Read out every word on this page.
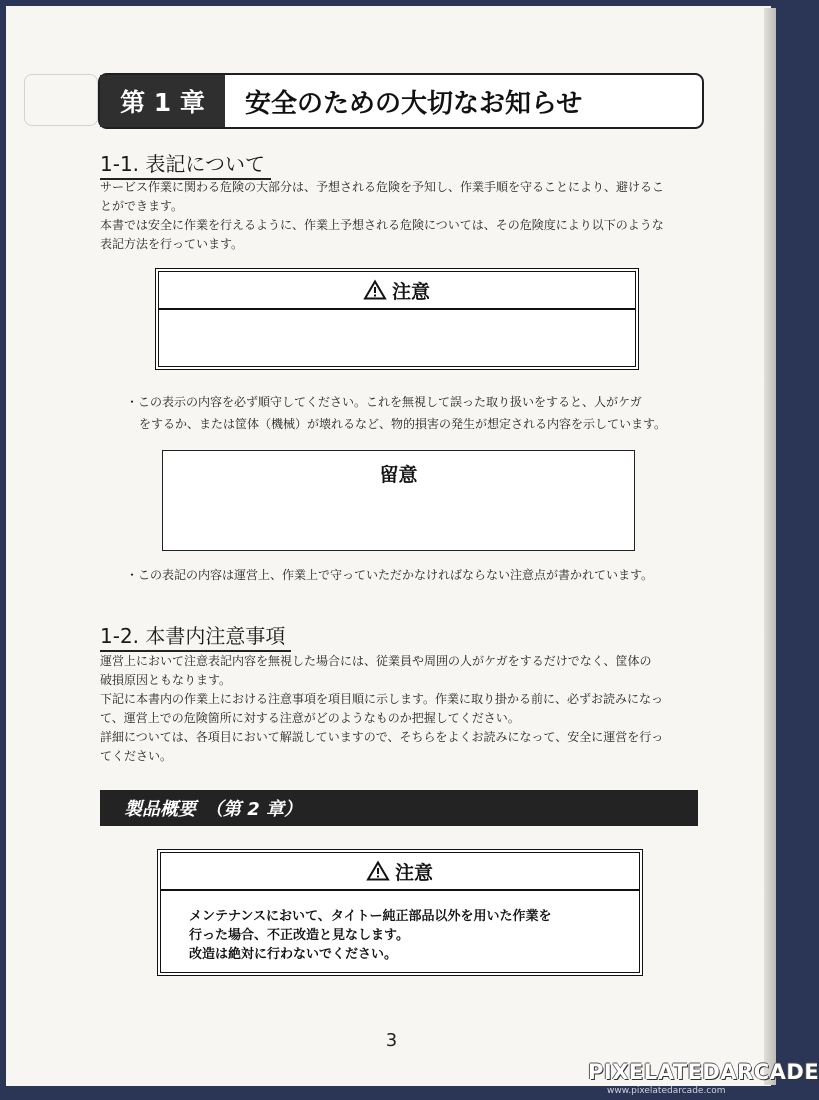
第 1 章	安全のための大切なお知らせ
1-1. 表記について

サービス作業に関わる危険の大部分は、予想される危険を予知し、作業手順を守ることにより、避けるこ

とができます。

本書では安全に作業を行えるように、作業上予想される危険については、その危険度により以下のような

表記方法を行っています。

注意

・この表示の内容を必ず順守してください。これを無視して誤った取り扱いをすると、人がケガ

をするか、または筐体（機械）が壊れるなど、物的損害の発生が想定される内容を示しています。

留意
・この表記の内容は運営上、作業上で守っていただかなければならない注意点が書かれています。
1-2. 本書内注意事項

運営上において注意表記内容を無視した場合には、従業員や周囲の人がケガをするだけでなく、筐体の

破損原因ともなります。

下記に本書内の作業上における注意事項を項目順に示します。作業に取り掛かる前に、必ずお読みになっ

て、運営上での危険箇所に対する注意がどのようなものか把握してください。

詳細については、各項目において解説していますので、そちらをよくお読みになって、安全に運営を行っ

てください。

製品概要　（第 2 章）
注意

メンテナンスにおいて、タイトー純正部品以外を用いた作業を

行った場合、不正改造と見なします。

改造は絶対に行わないでください。

3
PIXELATEDARCADE
www.pixelatedarcade.com
